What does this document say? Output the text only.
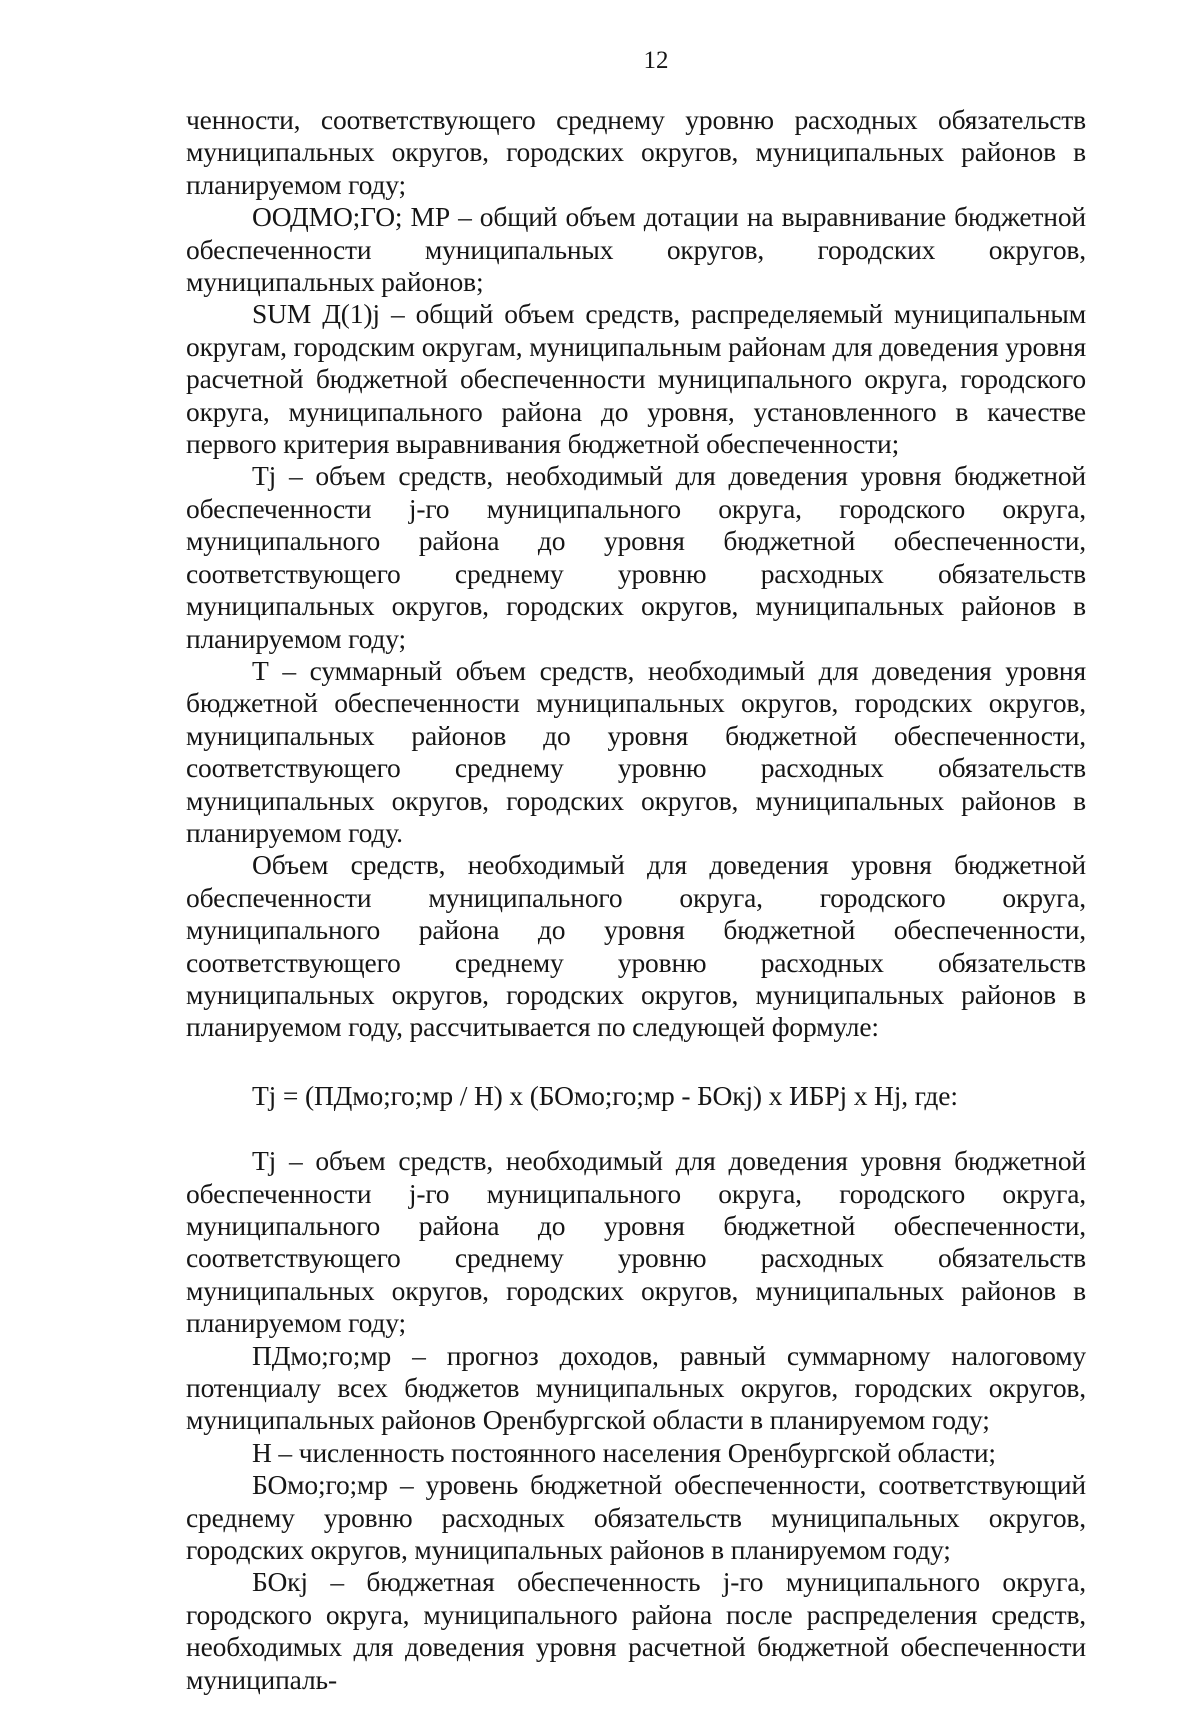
12

ченности, соответствующего среднему уровню расходных обязательств муниципальных округов, городских округов, муниципальных районов в планируемом году;

ООДМО;ГО; МР – общий объем дотации на выравнивание бюджетной обеспеченности муниципальных округов, городских округов, муниципальных районов;

SUM Д(1)j – общий объем средств, распределяемый муниципальным округам, городским округам, муниципальным районам для доведения уровня расчетной бюджетной обеспеченности муниципального округа, городского округа, муниципального района до уровня, установленного в качестве первого критерия выравнивания бюджетной обеспеченности;

Tj – объем средств, необходимый для доведения уровня бюджетной обеспеченности j-го муниципального округа, городского округа, муниципального района до уровня бюджетной обеспеченности, соответствующего среднему уровню расходных обязательств муниципальных округов, городских округов, муниципальных районов в планируемом году;

Т – суммарный объем средств, необходимый для доведения уровня бюджетной обеспеченности муниципальных округов, городских округов, муниципальных районов до уровня бюджетной обеспеченности, соответствующего среднему уровню расходных обязательств муниципальных округов, городских округов, муниципальных районов в планируемом году.

Объем средств, необходимый для доведения уровня бюджетной обеспеченности муниципального округа, городского округа, муниципального района до уровня бюджетной обеспеченности, соответствующего среднему уровню расходных обязательств муниципальных округов, городских округов, муниципальных районов в планируемом году, рассчитывается по следующей формуле:

Tj = (ПДмо;го;мр / Н) х (БОмо;го;мр - БОкj) х ИБРj х Нj, где:

Tj – объем средств, необходимый для доведения уровня бюджетной обеспеченности j-го муниципального округа, городского округа, муниципального района до уровня бюджетной обеспеченности, соответствующего среднему уровню расходных обязательств муниципальных округов, городских округов, муниципальных районов в планируемом году;

ПДмо;го;мр – прогноз доходов, равный суммарному налоговому потенциалу всех бюджетов муниципальных округов, городских округов, муниципальных районов Оренбургской области в планируемом году;

Н – численность постоянного населения Оренбургской области;

БОмо;го;мр – уровень бюджетной обеспеченности, соответствующий среднему уровню расходных обязательств муниципальных округов, городских округов, муниципальных районов в планируемом году;

БОкj – бюджетная обеспеченность j-го муниципального округа, городского округа, муниципального района после распределения средств, необходимых для доведения уровня расчетной бюджетной обеспеченности муниципаль-
